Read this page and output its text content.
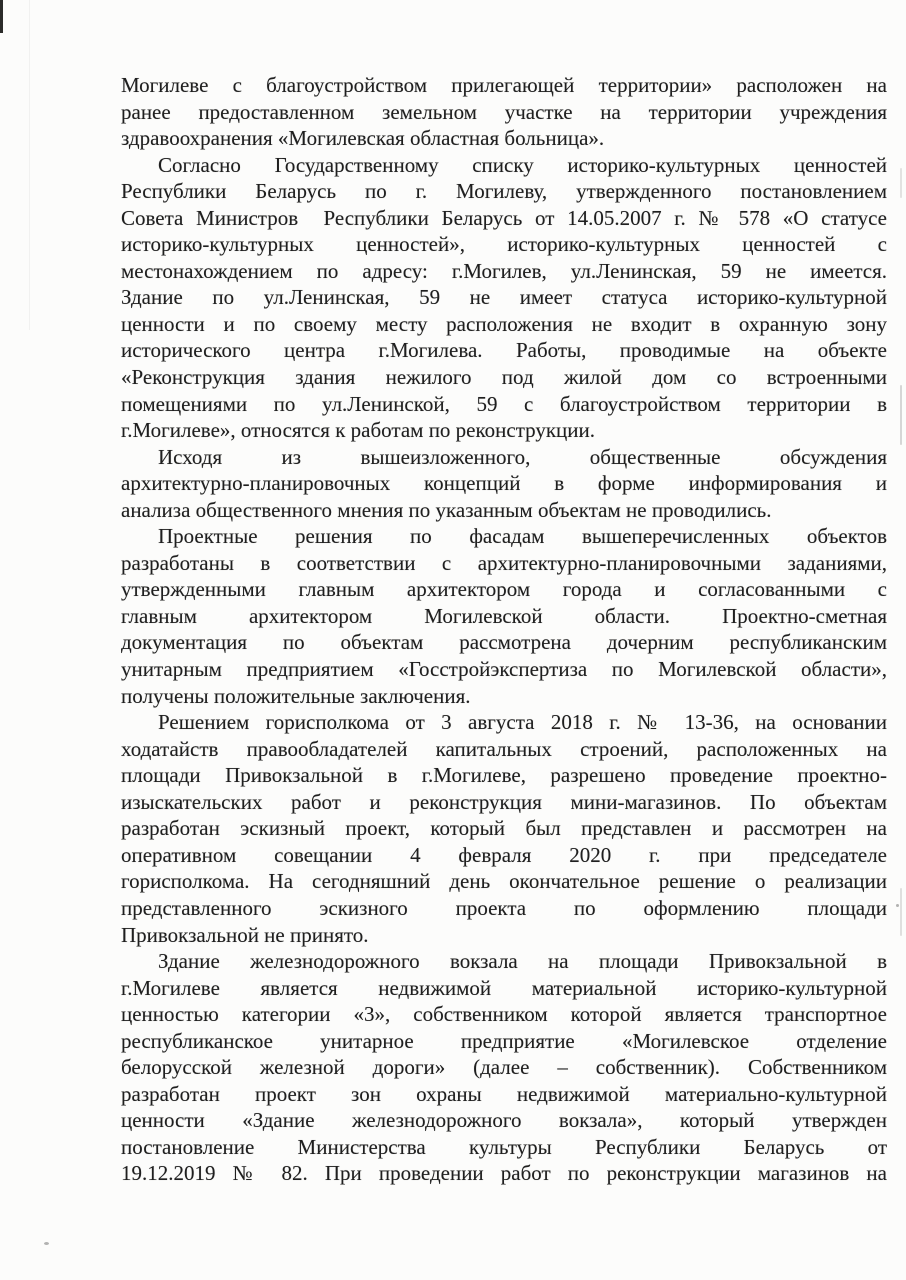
Могилеве с благоустройством прилегающей территории» расположен на
ранее предоставленном земельном участке на территории учреждения
здравоохранения «Могилевская областная больница».
Согласно Государственному списку историко-культурных ценностей
Республики Беларусь по г. Могилеву, утвержденного постановлением
Совета Министров  Республики Беларусь от 14.05.2007 г. № 578 «О статусе
историко-культурных ценностей», историко-культурных ценностей с
местонахождением по адресу: г.Могилев, ул.Ленинская, 59 не имеется.
Здание по ул.Ленинская, 59 не имеет статуса историко-культурной
ценности и по своему месту расположения не входит в охранную зону
исторического центра г.Могилева. Работы, проводимые на объекте
«Реконструкция здания нежилого под жилой дом со встроенными
помещениями по ул.Ленинской, 59 с благоустройством территории в
г.Могилеве», относятся к работам по реконструкции.
Исходя из вышеизложенного, общественные обсуждения
архитектурно-планировочных концепций в форме информирования и
анализа общественного мнения по указанным объектам не проводились.
Проектные решения по фасадам вышеперечисленных объектов
разработаны в соответствии с архитектурно-планировочными заданиями,
утвержденными главным архитектором города и согласованными с
главным архитектором Могилевской области. Проектно-сметная
документация по объектам рассмотрена дочерним республиканским
унитарным предприятием «Госстройэкспертиза по Могилевской области»,
получены положительные заключения.
Решением горисполкома от 3 августа 2018 г. № 13-36, на основании
ходатайств правообладателей капитальных строений, расположенных на
площади Привокзальной в г.Могилеве, разрешено проведение проектно-
изыскательских работ и реконструкция мини-магазинов. По объектам
разработан эскизный проект, который был представлен и рассмотрен на
оперативном совещании 4 февраля 2020 г. при председателе
горисполкома. На сегодняшний день окончательное решение о реализации
представленного эскизного проекта по оформлению площади
Привокзальной не принято.
Здание железнодорожного вокзала на площади Привокзальной в
г.Могилеве является недвижимой материальной историко-культурной
ценностью категории «3», собственником которой является транспортное
республиканское унитарное предприятие «Могилевское отделение
белорусской железной дороги» (далее – собственник). Собственником
разработан проект зон охраны недвижимой материально-культурной
ценности «Здание железнодорожного вокзала», который утвержден
постановление Министерства культуры Республики Беларусь от
19.12.2019 № 82. При проведении работ по реконструкции магазинов на
